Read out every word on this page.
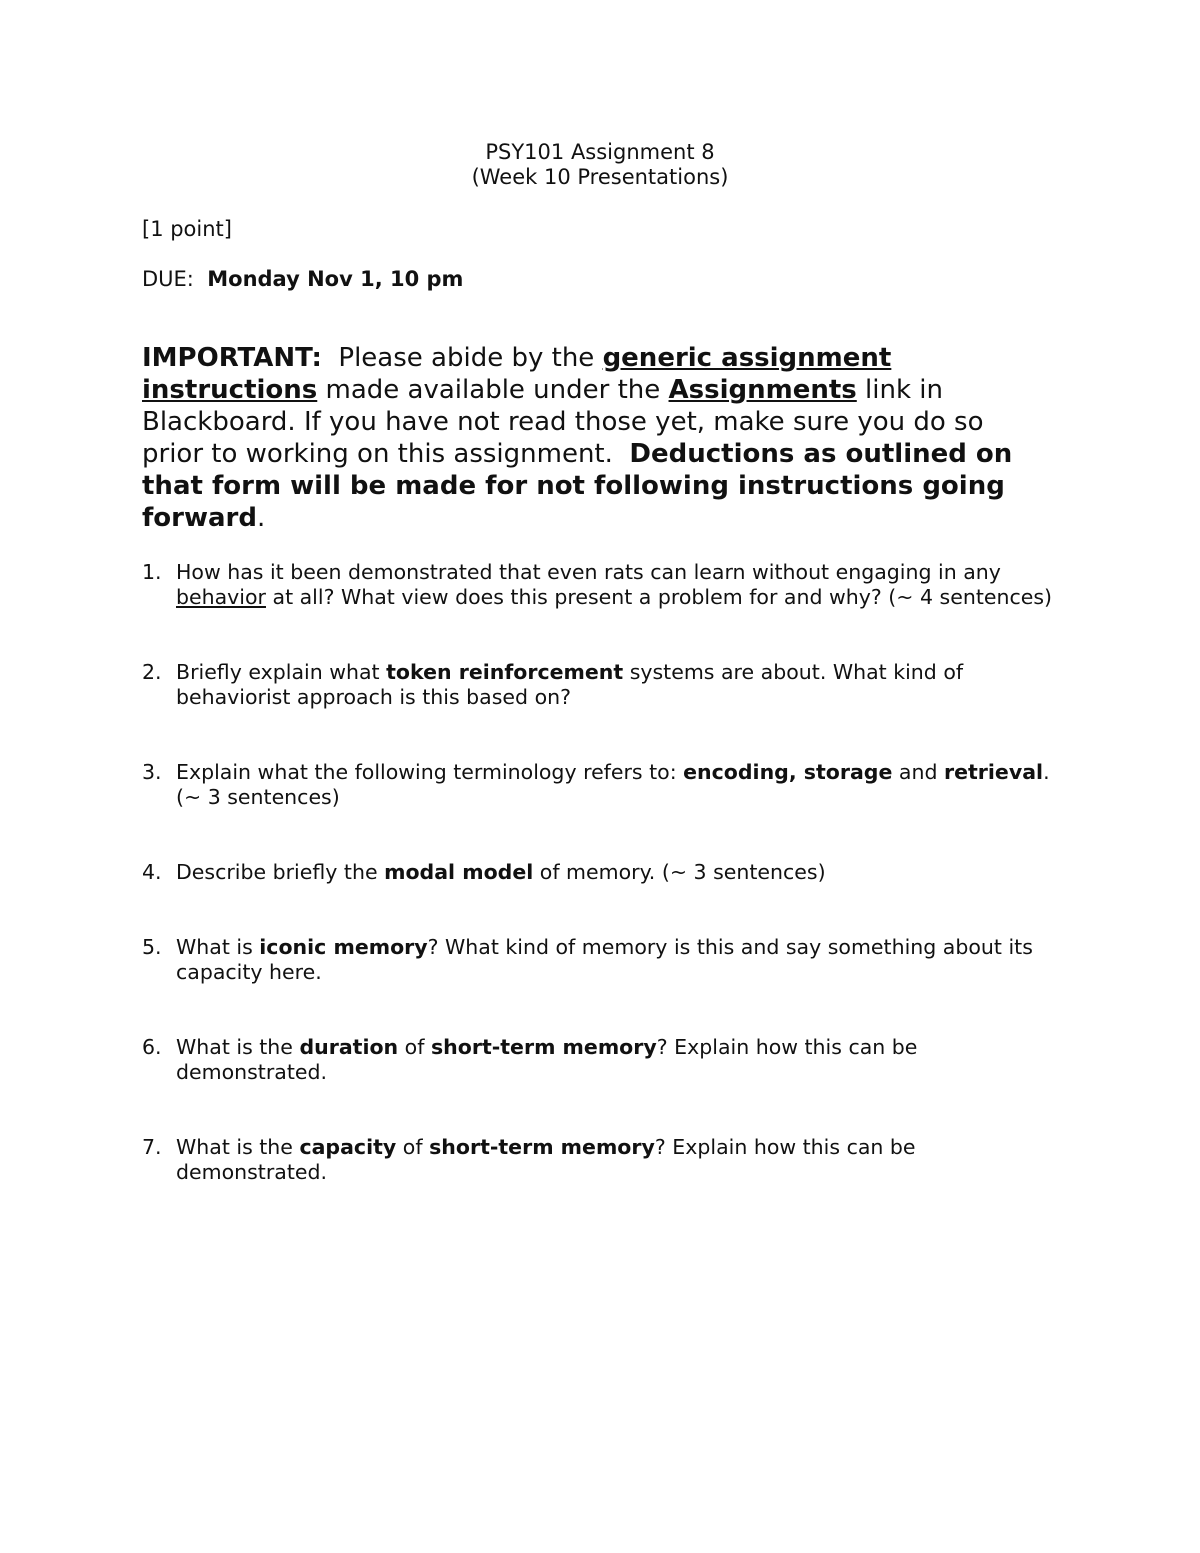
PSY101 Assignment 8
(Week 10 Presentations)
[1 point]
DUE: Monday Nov 1, 10 pm
IMPORTANT: Please abide by the generic assignment instructions made available under the Assignments link in Blackboard. If you have not read those yet, make sure you do so prior to working on this assignment. Deductions as outlined on that form will be made for not following instructions going forward.
1. How has it been demonstrated that even rats can learn without engaging in any behavior at all? What view does this present a problem for and why? (~ 4 sentences)
2. Briefly explain what token reinforcement systems are about. What kind of behaviorist approach is this based on?
3. Explain what the following terminology refers to: encoding, storage and retrieval. (~ 3 sentences)
4. Describe briefly the modal model of memory. (~ 3 sentences)
5. What is iconic memory? What kind of memory is this and say something about its capacity here.
6. What is the duration of short-term memory? Explain how this can be demonstrated.
7. What is the capacity of short-term memory? Explain how this can be demonstrated.
